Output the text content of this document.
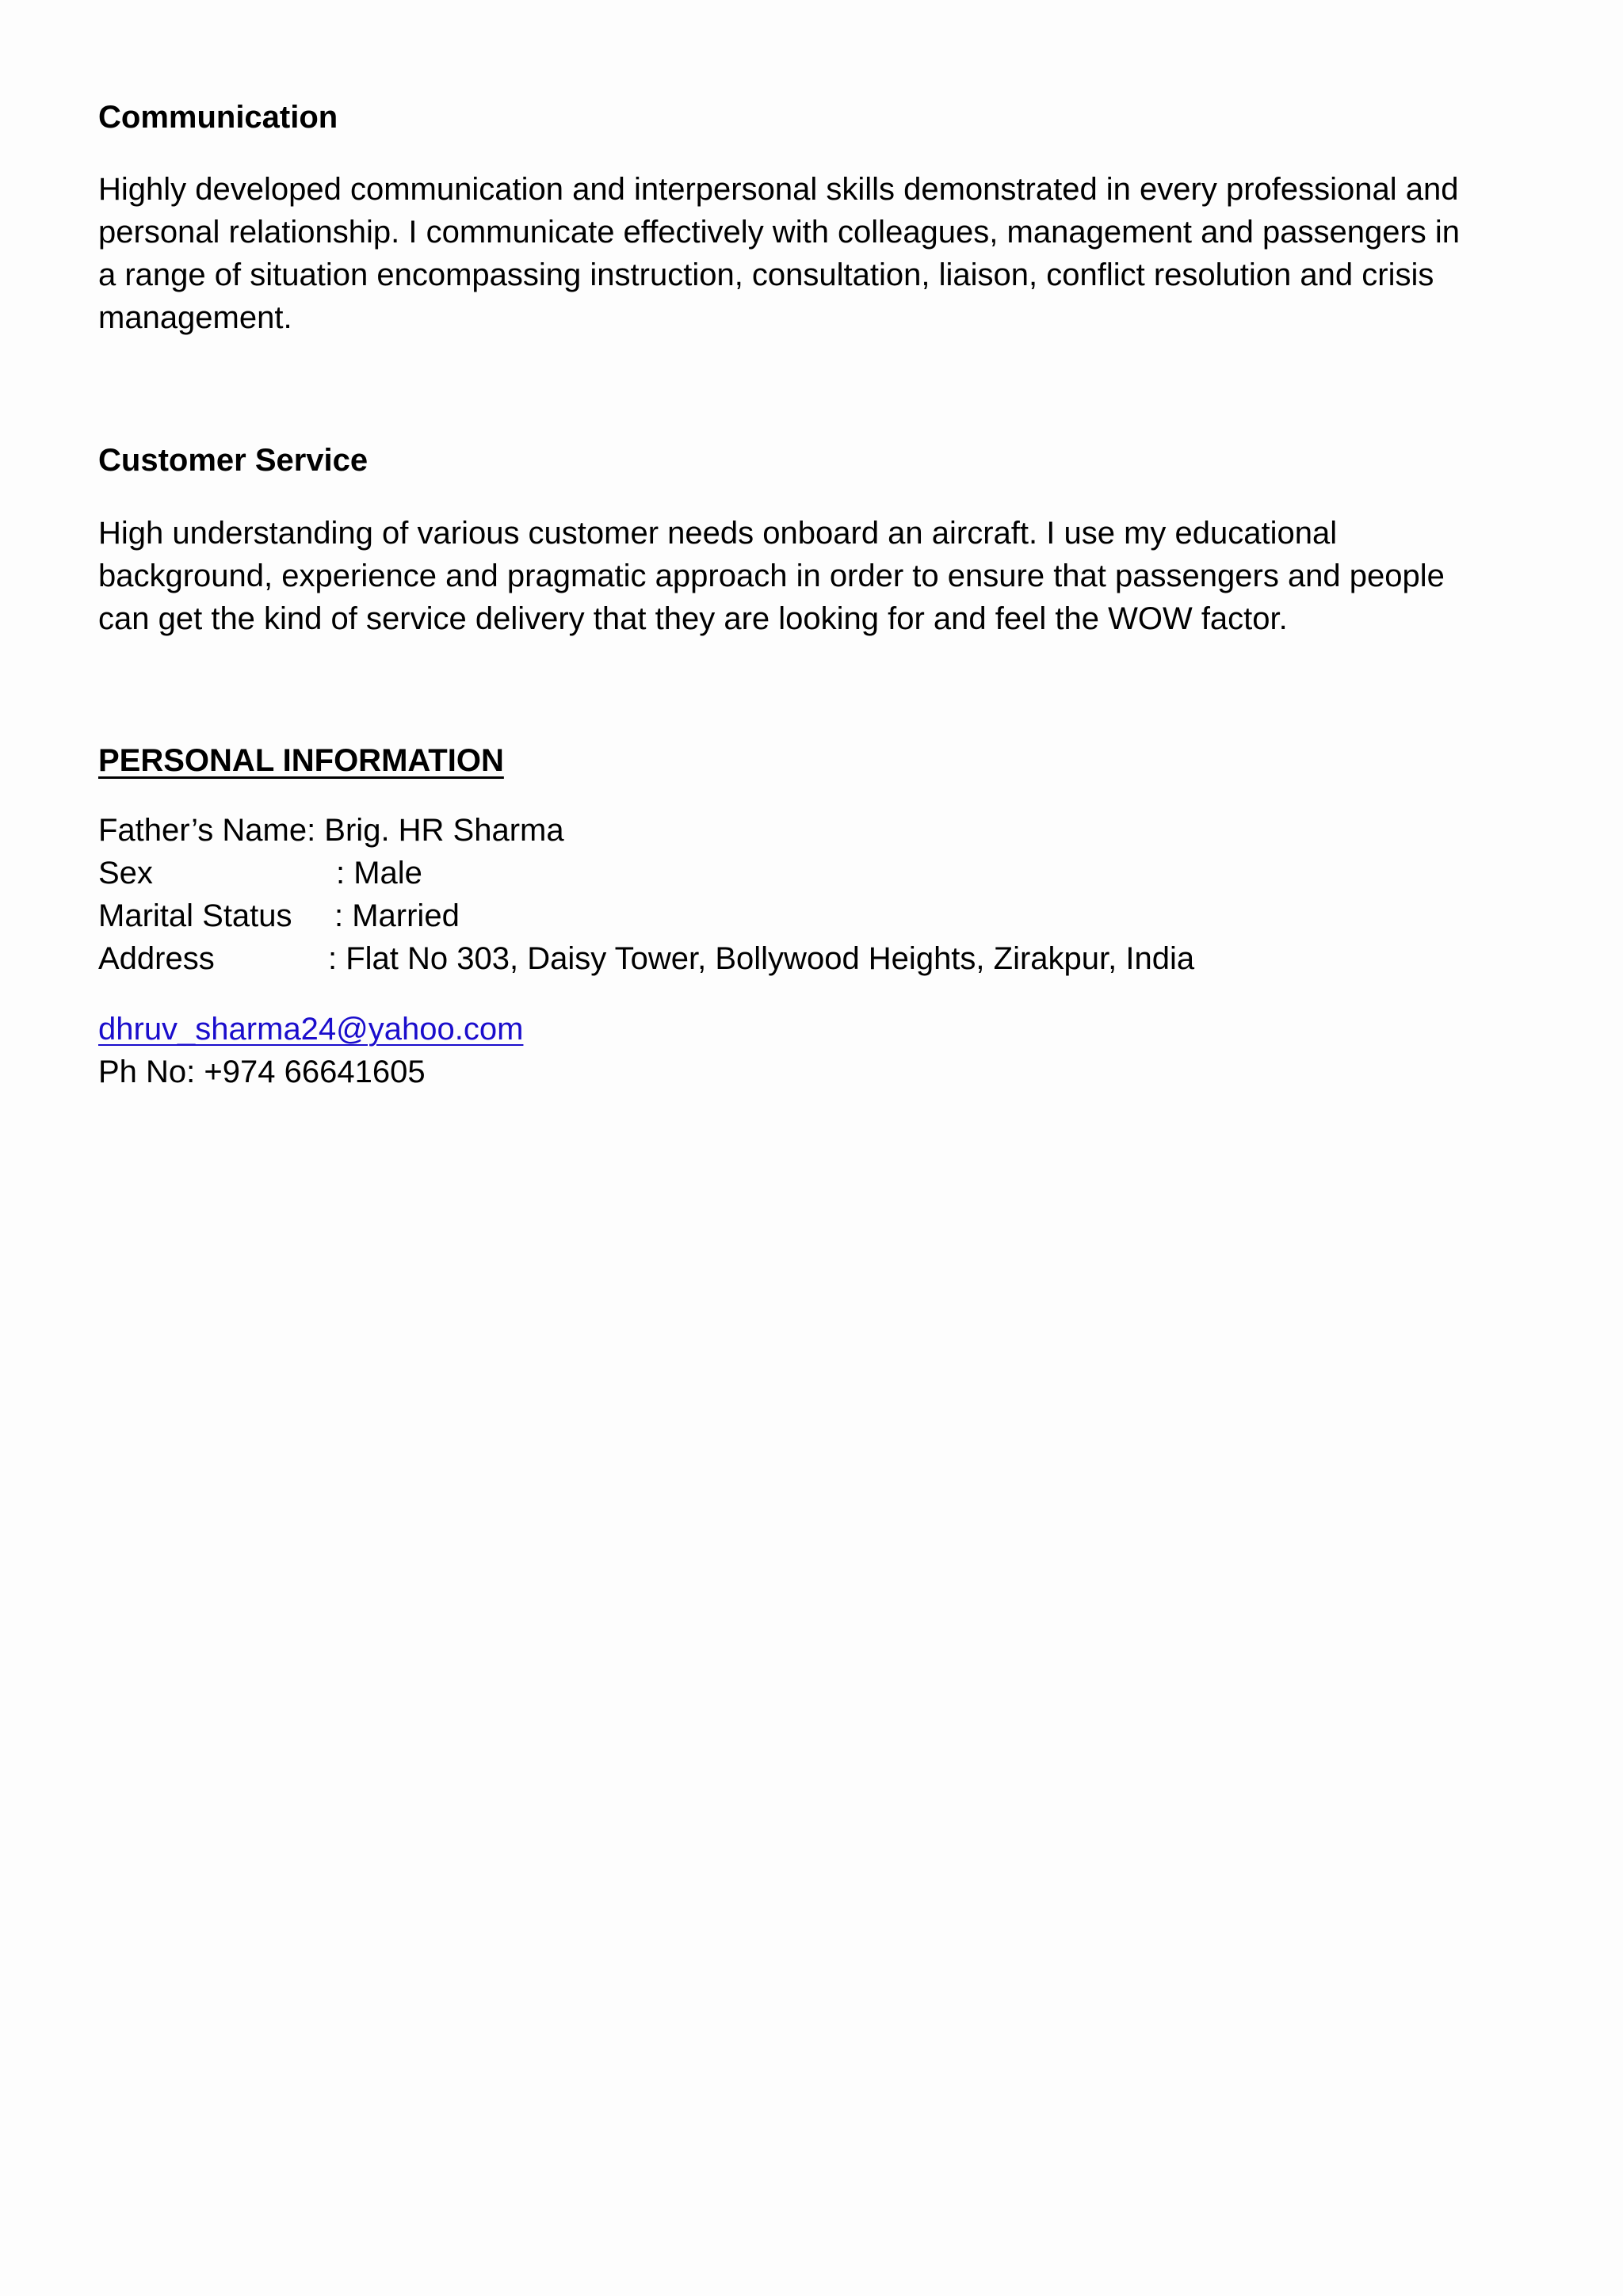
Communication

Highly developed communication and interpersonal skills demonstrated in every professional and
personal relationship. I communicate effectively with colleagues, management and passengers in
a range of situation encompassing instruction, consultation, liaison, conflict resolution and crisis
management.

Customer Service

High understanding of various customer needs onboard an aircraft. I use my educational
background, experience and pragmatic approach in order to ensure that passengers and people
can get the kind of service delivery that they are looking for and feel the WOW factor.

PERSONAL INFORMATION
Father’s Name: Brig. HR Sharma
Sex	: Male
Marital Status : Married
Address	: Flat No 303, Daisy Tower, Bollywood Heights, Zirakpur, India
dhruv_sharma24@yahoo.com
Ph No: +974 66641605
